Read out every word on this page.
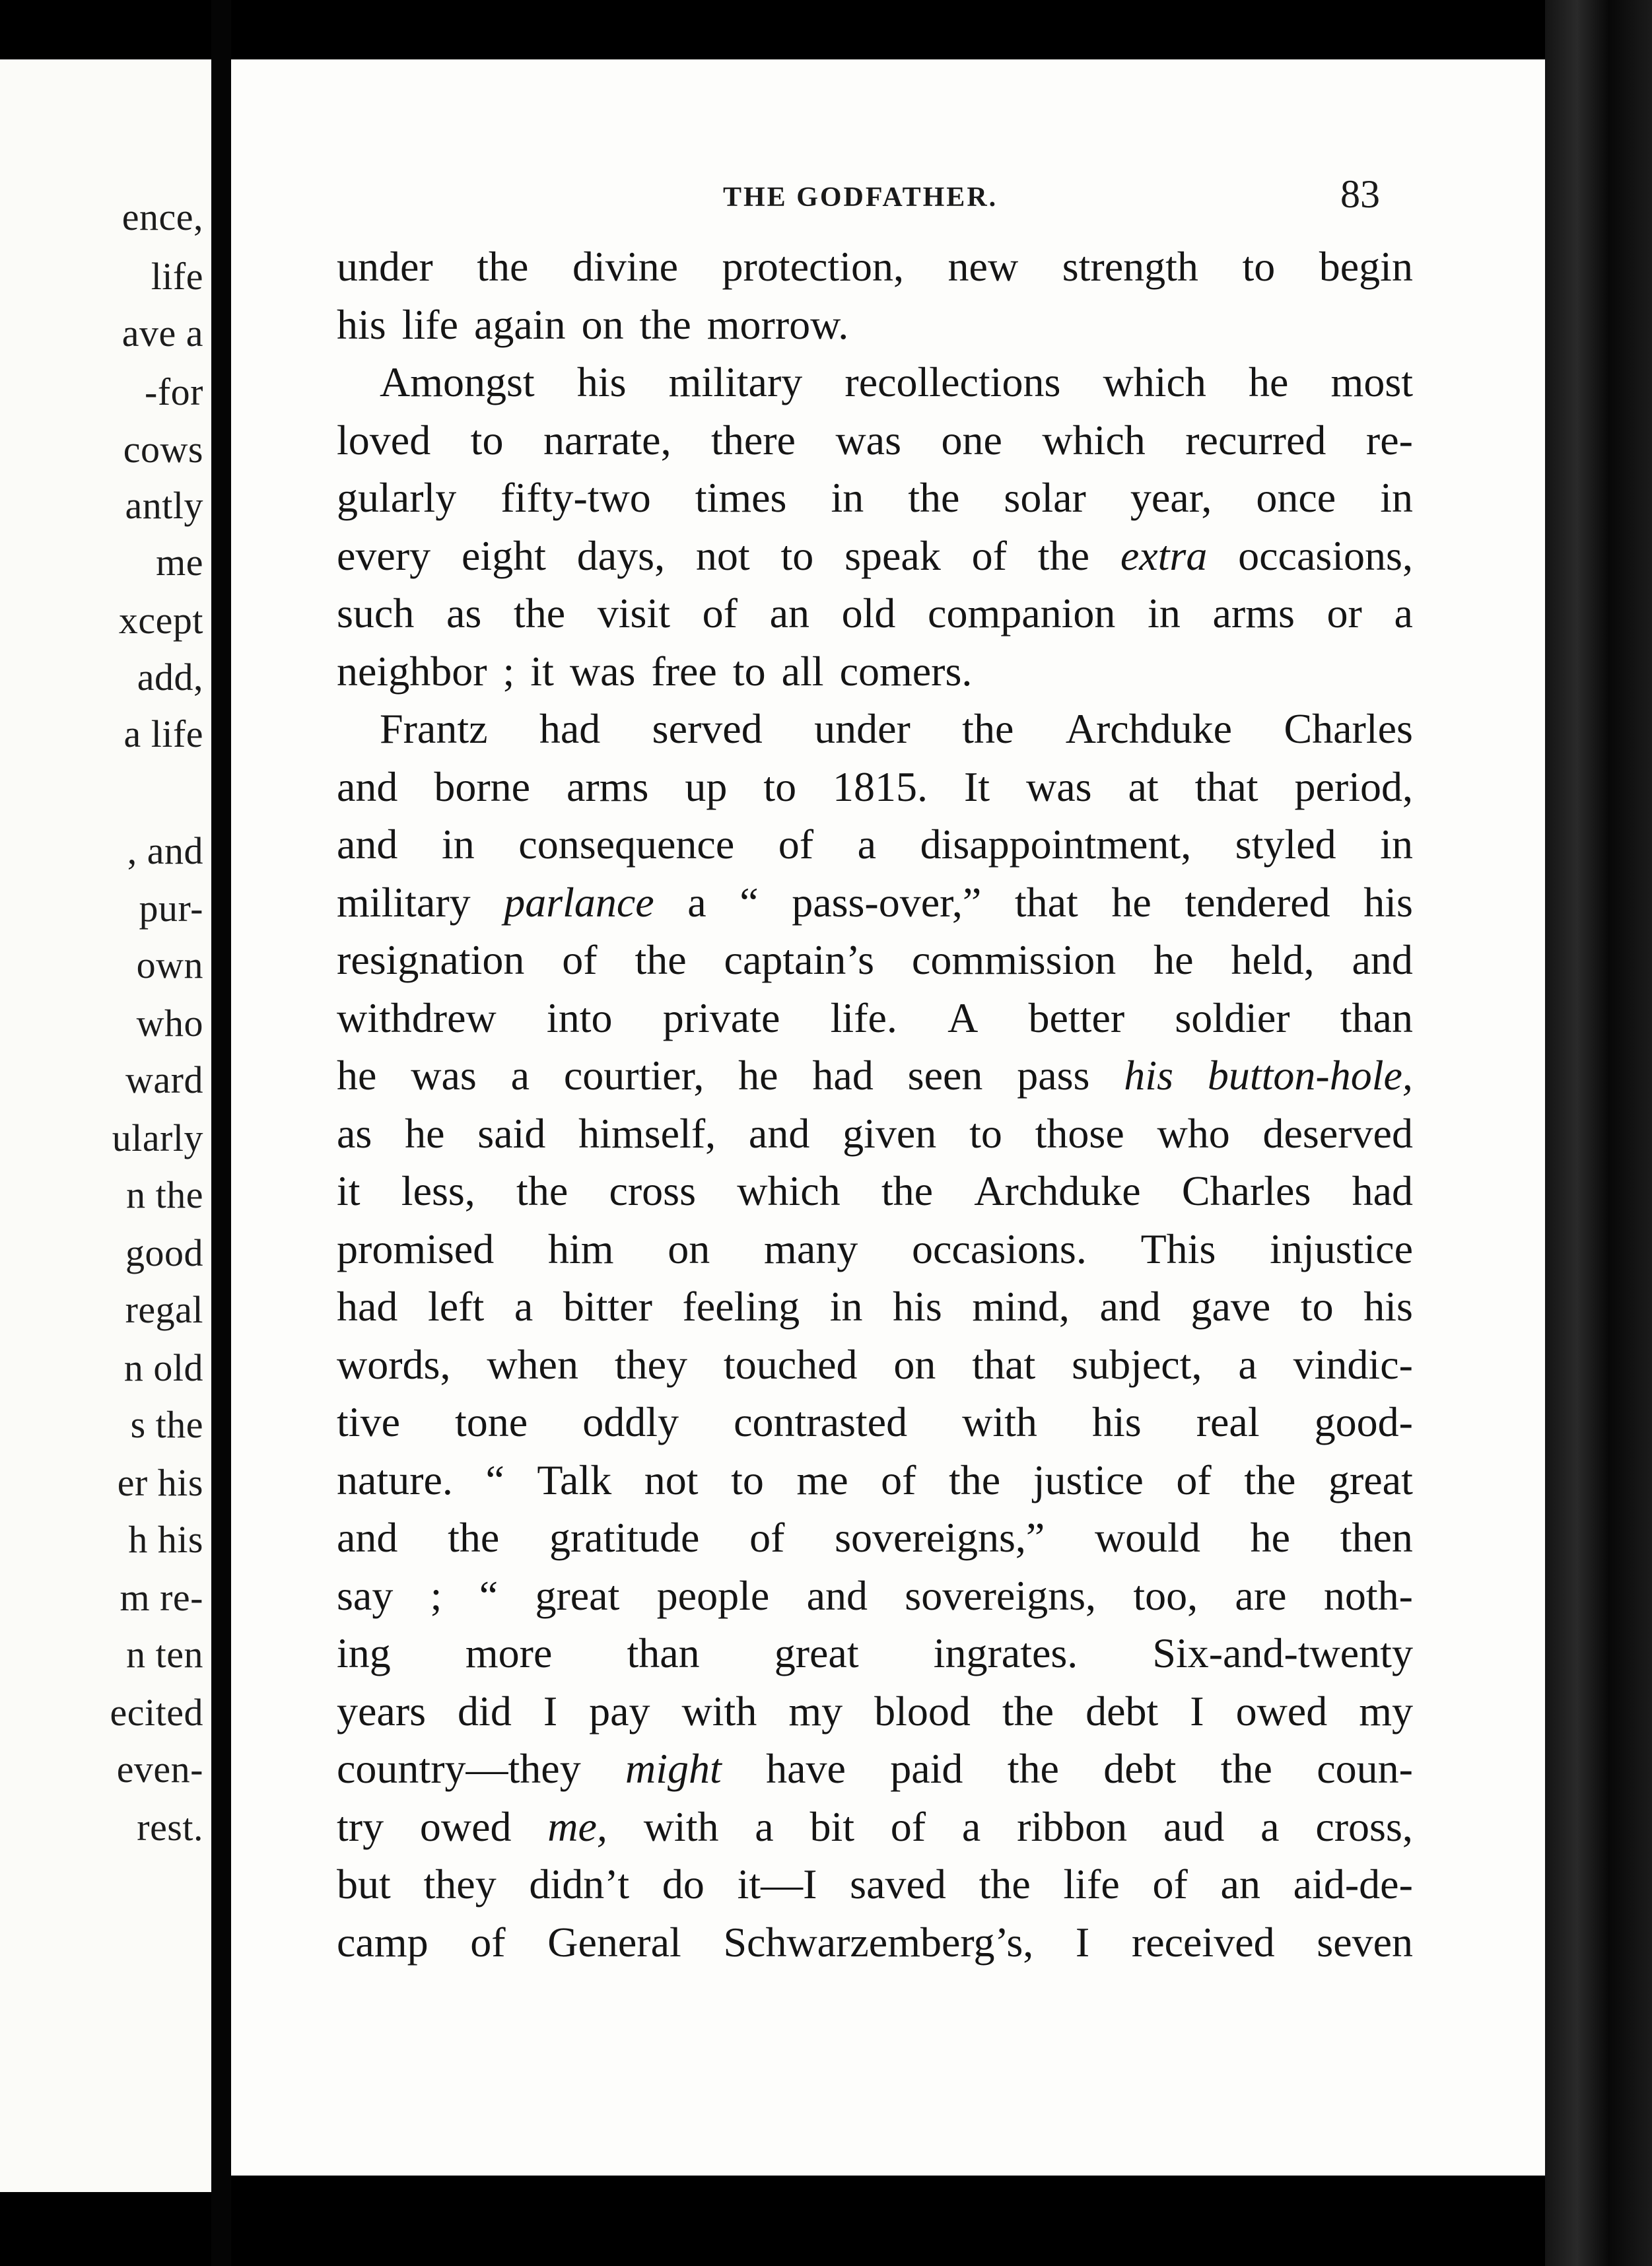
ence,
life
ave a
-for
cows
antly
me
xcept
add,
a life
, and
pur-
own
who
ward
ularly
n the
good
regal
n old
s the
er his
h his
m re-
n ten
ecited
even-
rest.
THE GODFATHER.	83
under the divine protection, new strength to begin
his life again on the morrow.
Amongst his military recollections which he most
loved to narrate, there was one which recurred re-
gularly fifty-two times in the solar year, once in
every eight days, not to speak of the extra occasions,
such as the visit of an old companion in arms or a
neighbor ; it was free to all comers.
Frantz had served under the Archduke Charles
and borne arms up to 1815. It was at that period,
and in consequence of a disappointment, styled in
military parlance a “ pass-over,” that he tendered his
resignation of the captain’s commission he held, and
withdrew into private life. A better soldier than
he was a courtier, he had seen pass his button-hole,
as he said himself, and given to those who deserved
it less, the cross which the Archduke Charles had
promised him on many occasions. This injustice
had left a bitter feeling in his mind, and gave to his
words, when they touched on that subject, a vindic-
tive tone oddly contrasted with his real good-
nature. “ Talk not to me of the justice of the great
and the gratitude of sovereigns,” would he then
say ; “ great people and sovereigns, too, are noth-
ing more than great ingrates. Six-and-twenty
years did I pay with my blood the debt I owed my
country—they might have paid the debt the coun-
try owed me, with a bit of a ribbon aud a cross,
but they didn’t do it—I saved the life of an aid-de-
camp of General Schwarzemberg’s, I received seven
